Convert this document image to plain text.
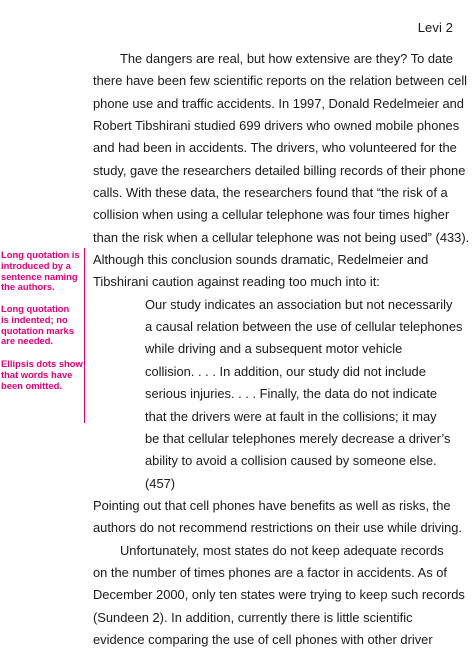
Levi 2
The dangers are real, but how extensive are they? To date
there have been few scientific reports on the relation between cell
phone use and traffic accidents. In 1997, Donald Redelmeier and
Robert Tibshirani studied 699 drivers who owned mobile phones
and had been in accidents. The drivers, who volunteered for the
study, gave the researchers detailed billing records of their phone
calls. With these data, the researchers found that “the risk of a
collision when using a cellular telephone was four times higher
than the risk when a cellular telephone was not being used” (433).
Although this conclusion sounds dramatic, Redelmeier and
Tibshirani caution against reading too much into it:
Our study indicates an association but not necessarily
a causal relation between the use of cellular telephones
while driving and a subsequent motor vehicle
collision. . . . In addition, our study did not include
serious injuries. . . . Finally, the data do not indicate
that the drivers were at fault in the collisions; it may
be that cellular telephones merely decrease a driver’s
ability to avoid a collision caused by someone else.
(457)
Pointing out that cell phones have benefits as well as risks, the
authors do not recommend restrictions on their use while driving.
Unfortunately, most states do not keep adequate records
on the number of times phones are a factor in accidents. As of
December 2000, only ten states were trying to keep such records
(Sundeen 2). In addition, currently there is little scientific
evidence comparing the use of cell phones with other driver
Long quotation is
introduced by a
sentence naming
the authors.
Long quotation
is indented; no
quotation marks
are needed.
Ellipsis dots show
that words have
been omitted.
